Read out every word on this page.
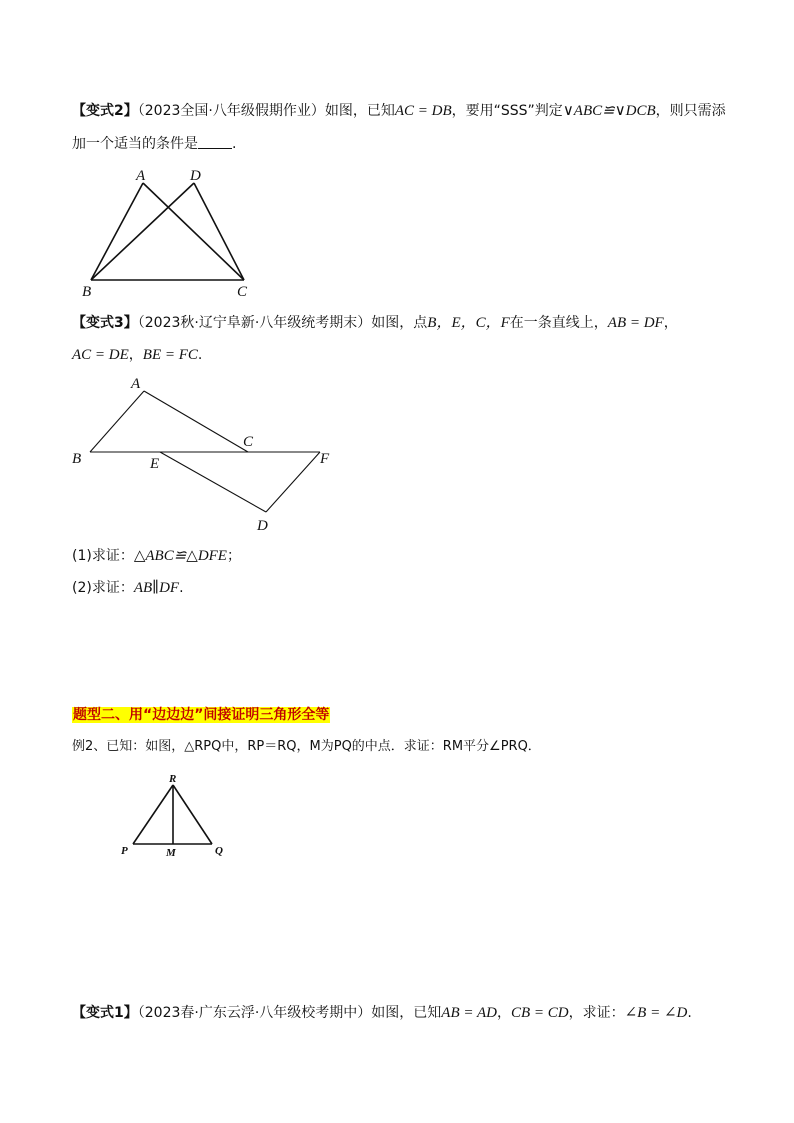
【变式2】（2023全国·八年级假期作业）如图，已知AC = DB，要用“SSS”判定∨ABC≌∨DCB，则只需添
加一个适当的条件是 .
A	D
B	C
【变式3】（2023秋·辽宁阜新·八年级统考期末）如图，点B，E，C，F在一条直线上，AB = DF，
AC = DE，BE = FC.
A
B
C
E	F
D
(1)求证：△ABC≌△DFE；
(2)求证：AB∥DF.
题型二、用“边边边”间接证明三角形全等
例2、已知：如图，△RPQ中，RP＝RQ，M为PQ的中点．求证：RM平分∠PRQ．
R
P	M	Q
【变式1】（2023春·广东云浮·八年级校考期中）如图，已知AB = AD，CB = CD，求证：∠B = ∠D.
